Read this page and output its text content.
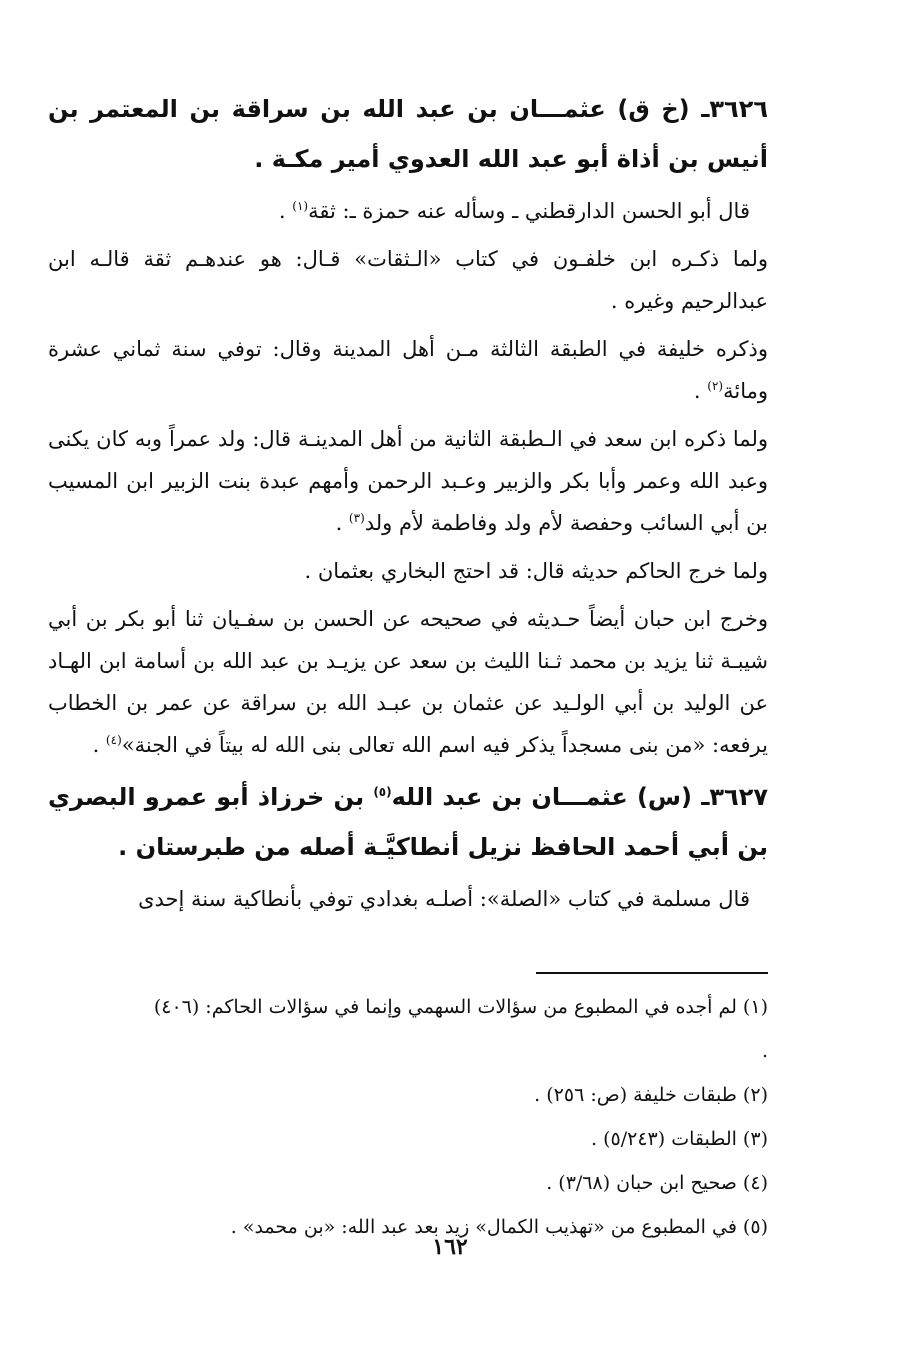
٣٦٢٦ـ (خ ق) عثمـــان بن عبد الله بن سراقة بن المعتمر بن أنيس بن أذاة أبو عبد الله العدوي أمير مكـة .

قال أبو الحسن الدارقطني ـ وسأله عنه حمزة ـ: ثقة$^{(١)}$ .

ولما ذكـره ابن خلفـون في كتاب «الـثقات» قـال: هو عندهـم ثقة قالـه ابن عبدالرحيم وغيره .

وذكره خليفة في الطبقة الثالثة مـن أهل المدينة وقال: توفي سنة ثماني عشرة ومائة$^{(٢)}$ .

ولما ذكره ابن سعد في الـطبقة الثانية من أهل المدينـة قال: ولد عمراً وبه كان يكنى وعبد الله وعمر وأبا بكر والزبير وعـبد الرحمن وأمهم عبدة بنت الزبير ابن المسيب بن أبي السائب وحفصة لأم ولد وفاطمة لأم ولد$^{(٣)}$ .

ولما خرج الحاكم حديثه قال: قد احتج البخاري بعثمان .

وخرج ابن حبان أيضاً حـديثه في صحيحه عن الحسن بن سفـيان ثنا أبو بكر بن أبي شيبـة ثنا يزيد بن محمد ثـنا الليث بن سعد عن يزيـد بن عبد الله بن أسامة ابن الهـاد عن الوليد بن أبي الولـيد عن عثمان بن عبـد الله بن سراقة عن عمر بن الخطاب يرفعه: «من بنى مسجداً يذكر فيه اسم الله تعالى بنى الله له بيتاً في الجنة»$^{(٤)}$ .

٣٦٢٧ـ (س) عثمـــان بن عبد الله$^{(٥)}$ بن خرزاذ أبو عمرو البصري بن أبي أحمد الحافظ نزيل أنطاكيَّـة أصله من طبرستان .

قال مسلمة في كتاب «الصلة»: أصلـه بغدادي توفي بأنطاكية سنة إحدى

(١) لم أجده في المطبوع من سؤالات السهمي وإنما في سؤالات الحاكم: (٤٠٦) .

(٢) طبقات خليفة (ص: ٢٥٦) .

(٣) الطبقات (٥/٢٤٣) .

(٤) صحيح ابن حبان (٣/٦٨) .

(٥) في المطبوع من «تهذيب الكمال» زيد بعد عبد الله: «بن محمد» .

١٦٢
